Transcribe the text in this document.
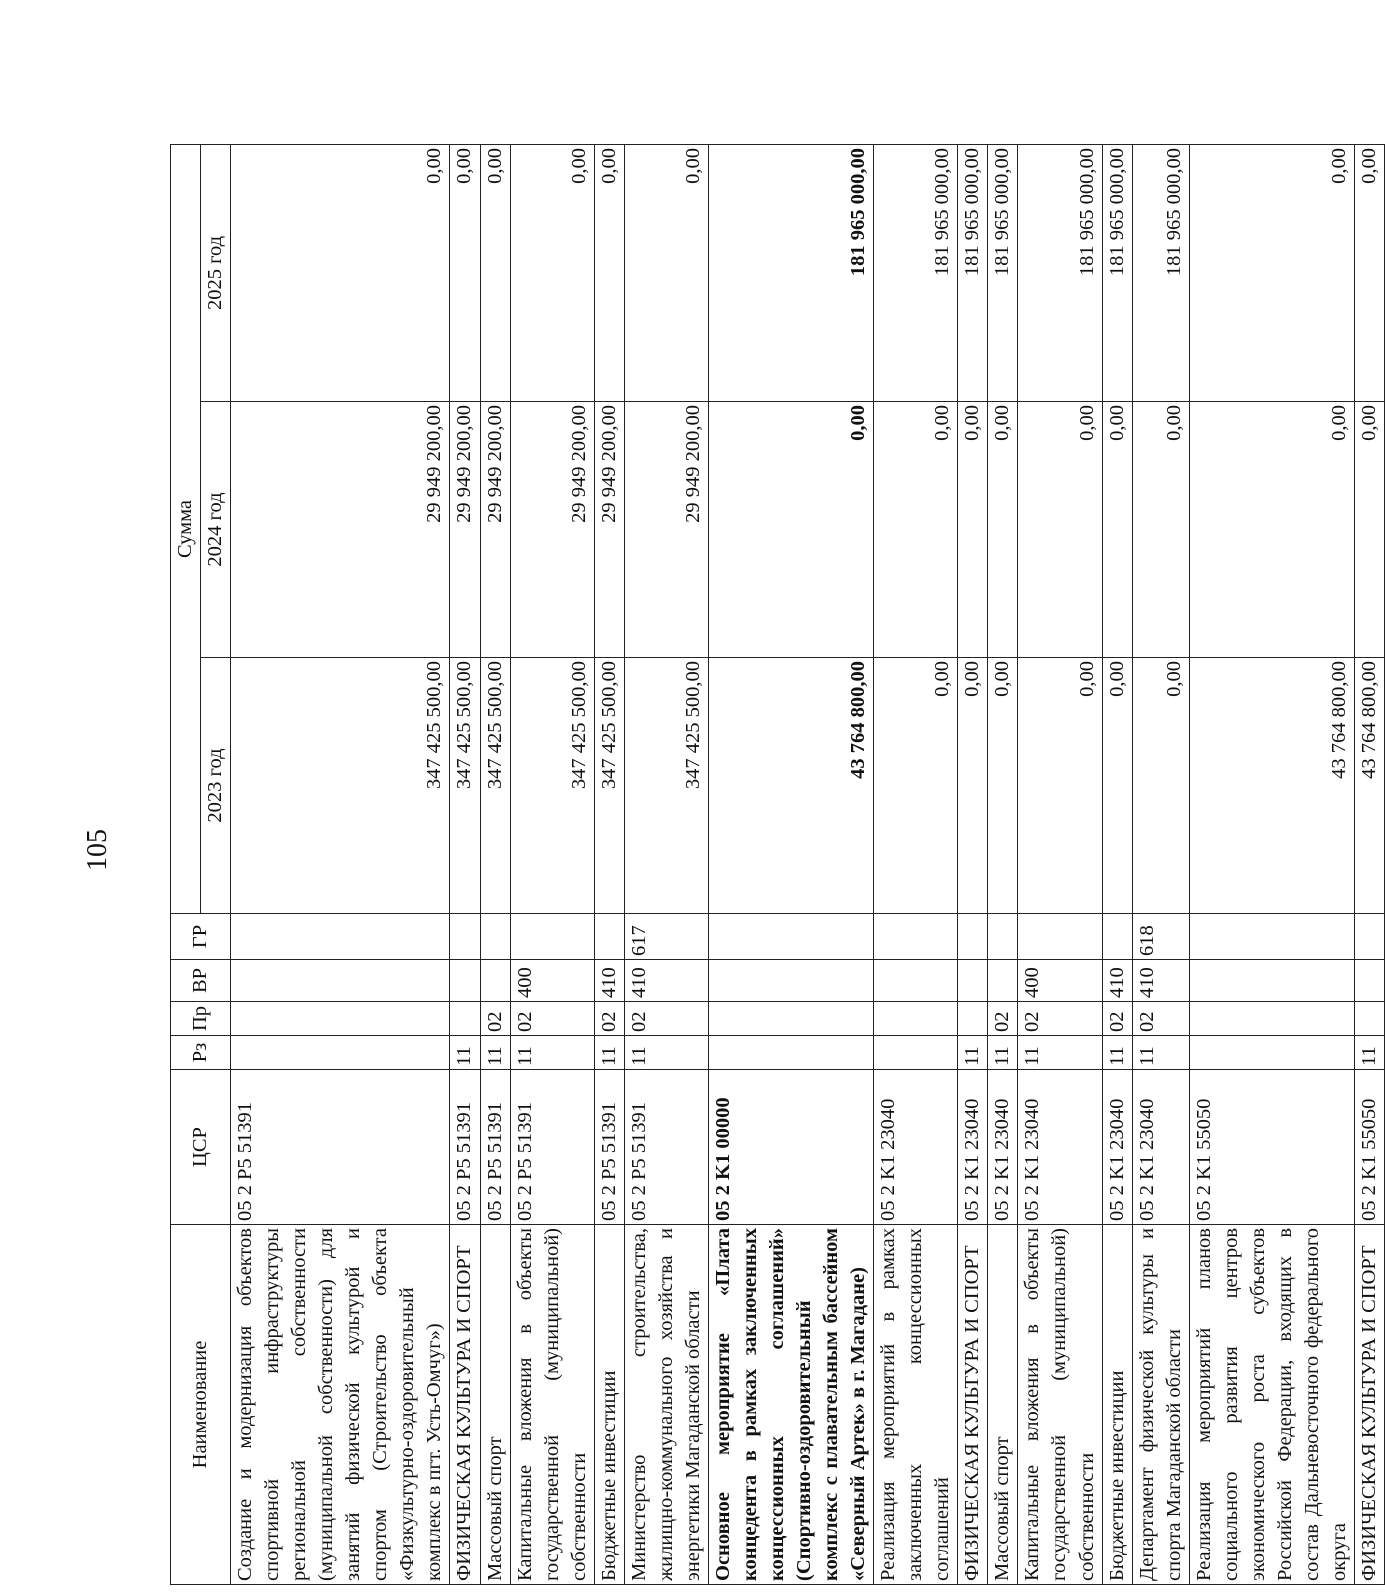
105
Наименование	ЦСР	Рз	Пр	ВР	ГР	Сумма		
						2023 год	2024 год	2025 год
Создание и модернизация объектов спортивной инфраструктуры региональной собственности (муниципальной собственности) для занятий физической культурой и спортом (Строительство объекта «Физкультурно-оздоровительный комплекс в пгт. Усть-Омчуг»)	05 2 P5 51391					347 425 500,00	29 949 200,00	0,00
ФИЗИЧЕСКАЯ КУЛЬТУРА И СПОРТ	05 2 P5 51391	11				347 425 500,00	29 949 200,00	0,00
Массовый спорт	05 2 P5 51391	11	02			347 425 500,00	29 949 200,00	0,00
Капитальные вложения в объекты государственной (муниципальной) собственности	05 2 P5 51391	11	02	400		347 425 500,00	29 949 200,00	0,00
Бюджетные инвестиции	05 2 P5 51391	11	02	410		347 425 500,00	29 949 200,00	0,00
Министерство строительства, жилищно-коммунального хозяйства и энергетики Магаданской области	05 2 P5 51391	11	02	410	617	347 425 500,00	29 949 200,00	0,00
Основное мероприятие «Плата концедента в рамках заключенных концессионных соглашений» (Спортивно-оздоровительный комплекс с плавательным бассейном «Северный Артек» в г. Магадане)	05 2 K1 00000					43 764 800,00	0,00	181 965 000,00
Реализация мероприятий в рамках заключенных концессионных соглашений	05 2 K1 23040					0,00	0,00	181 965 000,00
ФИЗИЧЕСКАЯ КУЛЬТУРА И СПОРТ	05 2 K1 23040	11				0,00	0,00	181 965 000,00
Массовый спорт	05 2 K1 23040	11	02			0,00	0,00	181 965 000,00
Капитальные вложения в объекты государственной (муниципальной) собственности	05 2 K1 23040	11	02	400		0,00	0,00	181 965 000,00
Бюджетные инвестиции	05 2 K1 23040	11	02	410		0,00	0,00	181 965 000,00
Департамент физической культуры и спорта Магаданской области	05 2 K1 23040	11	02	410	618	0,00	0,00	181 965 000,00
Реализация мероприятий планов социального развития центров экономического роста субъектов Российской Федерации, входящих в состав Дальневосточного федерального округа	05 2 K1 55050					43 764 800,00	0,00	0,00
ФИЗИЧЕСКАЯ КУЛЬТУРА И СПОРТ	05 2 K1 55050	11				43 764 800,00	0,00	0,00
